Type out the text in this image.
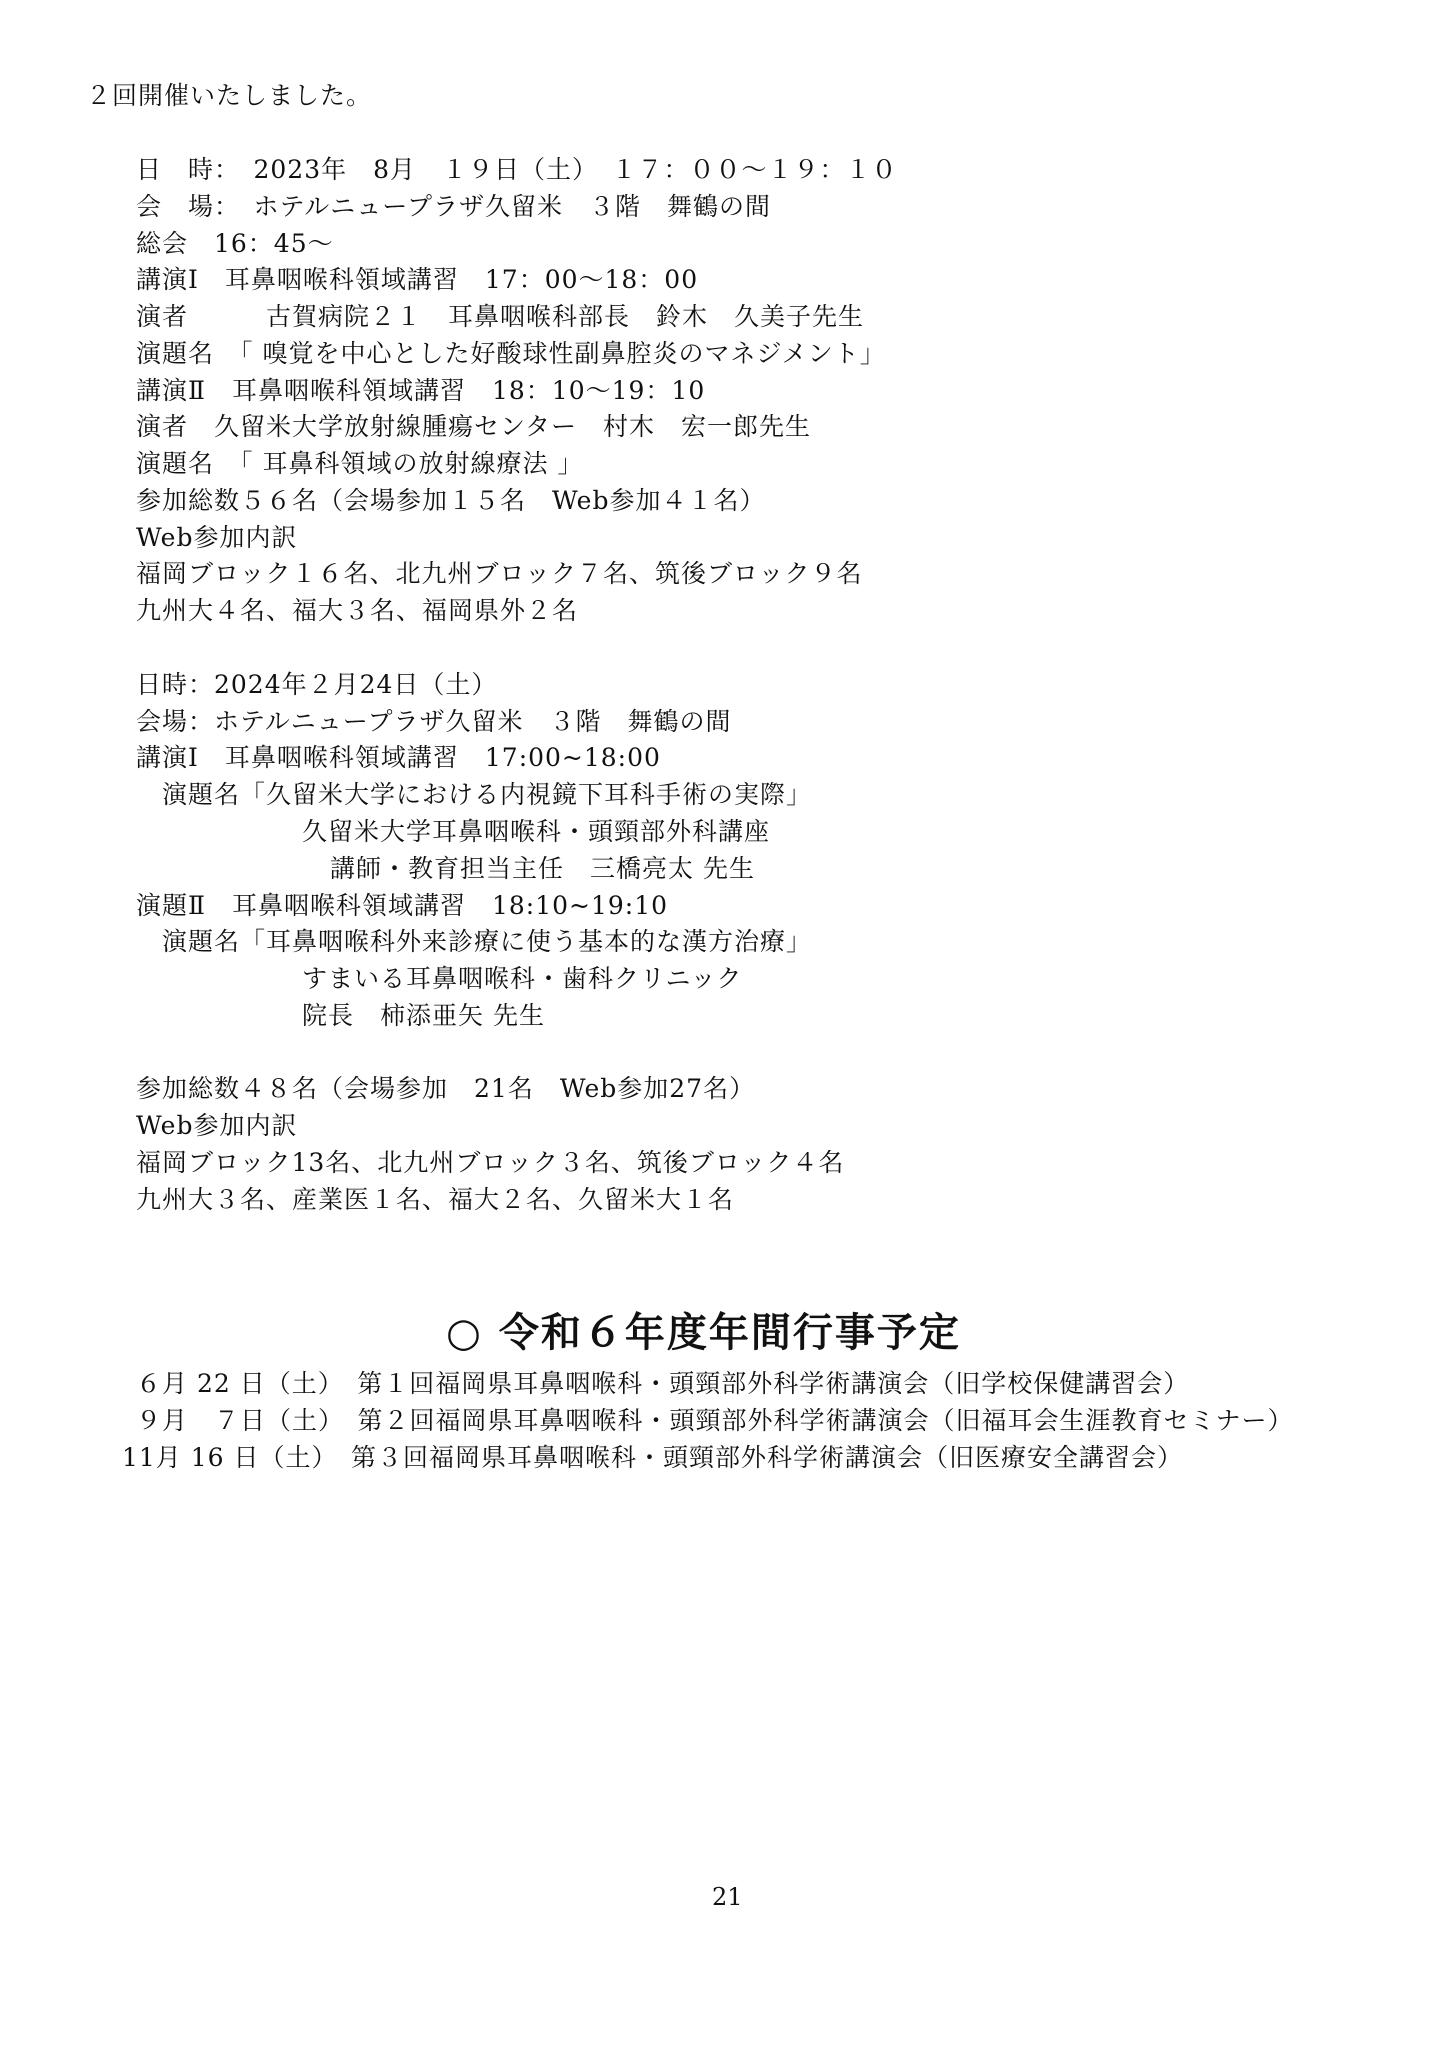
２回開催いたしました。
日　時：　2023年　8月　１９日（土）　１７：００～１９：１０
会　場：　ホテルニュープラザ久留米　３階　舞鶴の間
総会　16：45～
講演Ⅰ　耳鼻咽喉科領域講習　17：00～18：00
演者　　　古賀病院２１　耳鼻咽喉科部長　鈴木　久美子先生
演題名　「 嗅覚を中心とした好酸球性副鼻腔炎のマネジメント」
講演Ⅱ　耳鼻咽喉科領域講習　18：10～19：10
演者　久留米大学放射線腫瘍センター　村木　宏一郎先生
演題名　「 耳鼻科領域の放射線療法 」
参加総数５６名（会場参加１５名　Web参加４１名）
Web参加内訳
福岡ブロック１６名、北九州ブロック７名、筑後ブロック９名
九州大４名、福大３名、福岡県外２名
日時：2024年２月24日（土）
会場：ホテルニュープラザ久留米　３階　舞鶴の間
講演Ⅰ　耳鼻咽喉科領域講習　17:00~18:00
演題名「久留米大学における内視鏡下耳科手術の実際」
久留米大学耳鼻咽喉科・頭頸部外科講座
講師・教育担当主任　三橋亮太 先生
演題Ⅱ　耳鼻咽喉科領域講習　18:10~19:10
演題名「耳鼻咽喉科外来診療に使う基本的な漢方治療」
すまいる耳鼻咽喉科・歯科クリニック
院長　柿添亜矢 先生
参加総数４８名（会場参加　21名　Web参加27名）
Web参加内訳
福岡ブロック13名、北九州ブロック３名、筑後ブロック４名
九州大３名、産業医１名、福大２名、久留米大１名
○ 令和６年度年間行事予定
６月 22 日（土）　第１回福岡県耳鼻咽喉科・頭頸部外科学術講演会（旧学校保健講習会）
９月　７日（土）　第２回福岡県耳鼻咽喉科・頭頸部外科学術講演会（旧福耳会生涯教育セミナー）
11月 16 日（土）　第３回福岡県耳鼻咽喉科・頭頸部外科学術講演会（旧医療安全講習会）
21
